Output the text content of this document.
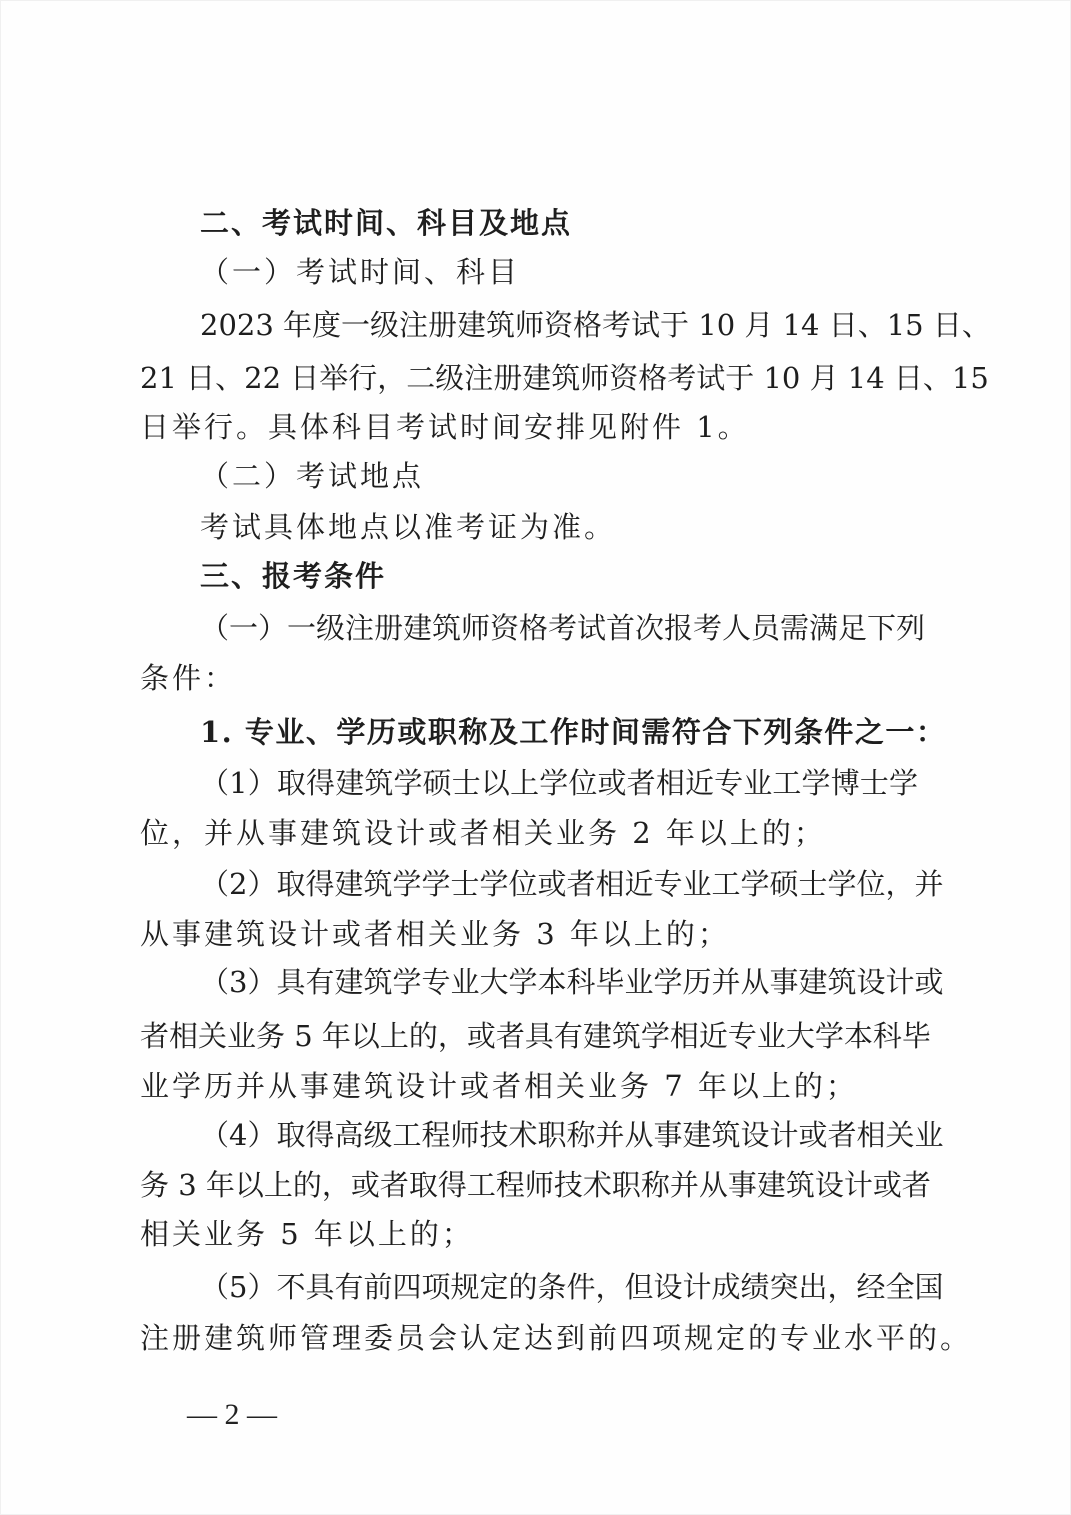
二、考试时间、科目及地点
（一）考试时间、科目
2023 年度一级注册建筑师资格考试于 10 月 14 日、15 日、
21 日、22 日举行，二级注册建筑师资格考试于 10 月 14 日、15
日举行。具体科目考试时间安排见附件 1。
（二）考试地点
考试具体地点以准考证为准。
三、报考条件
（一）一级注册建筑师资格考试首次报考人员需满足下列
条件：
1. 专业、学历或职称及工作时间需符合下列条件之一：
（1）取得建筑学硕士以上学位或者相近专业工学博士学
位，并从事建筑设计或者相关业务 2 年以上的；
（2）取得建筑学学士学位或者相近专业工学硕士学位，并
从事建筑设计或者相关业务 3 年以上的；
（3）具有建筑学专业大学本科毕业学历并从事建筑设计或
者相关业务 5 年以上的，或者具有建筑学相近专业大学本科毕
业学历并从事建筑设计或者相关业务 7 年以上的；
（4）取得高级工程师技术职称并从事建筑设计或者相关业
务 3 年以上的，或者取得工程师技术职称并从事建筑设计或者
相关业务 5 年以上的；
（5）不具有前四项规定的条件，但设计成绩突出，经全国
注册建筑师管理委员会认定达到前四项规定的专业水平的。
— 2 —
